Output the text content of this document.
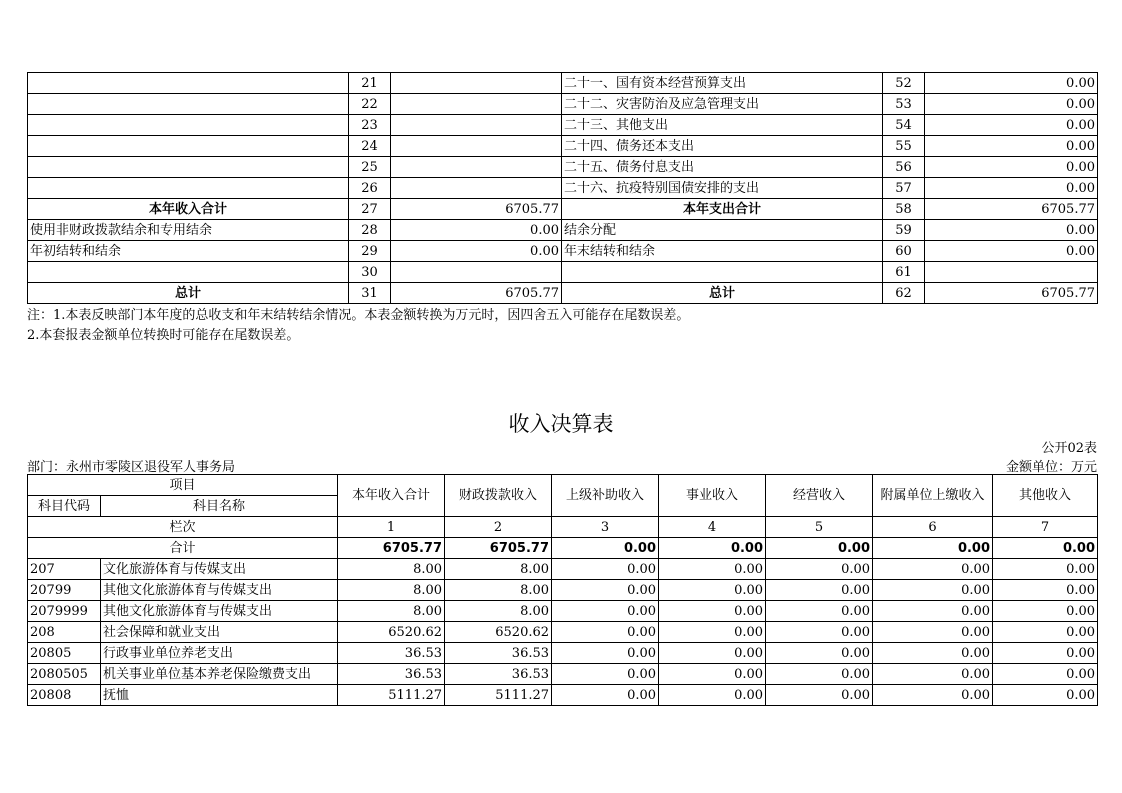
	21		二十一、国有资本经营预算支出	52	0.00
	22		二十二、灾害防治及应急管理支出	53	0.00
	23		二十三、其他支出	54	0.00
	24		二十四、债务还本支出	55	0.00
	25		二十五、债务付息支出	56	0.00
	26		二十六、抗疫特别国债安排的支出	57	0.00
本年收入合计	27	6705.77	本年支出合计	58	6705.77
使用非财政拨款结余和专用结余	28	0.00	结余分配	59	0.00
年初结转和结余	29	0.00	年末结转和结余	60	0.00
	30			61	
总计	31	6705.77	总计	62	6705.77
注：1.本表反映部门本年度的总收支和年末结转结余情况。本表金额转换为万元时，因四舍五入可能存在尾数误差。
2.本套报表金额单位转换时可能存在尾数误差。
收入决算表
公开02表
部门：永州市零陵区退役军人事务局	金额单位：万元
项目		本年收入合计	财政拨款收入	上级补助收入	事业收入	经营收入	附属单位上缴收入	其他收入
科目代码	科目名称							
栏次		1	2	3	4	5	6	7
合计		6705.77	6705.77	0.00	0.00	0.00	0.00	0.00
207	文化旅游体育与传媒支出	8.00	8.00	0.00	0.00	0.00	0.00	0.00
20799	其他文化旅游体育与传媒支出	8.00	8.00	0.00	0.00	0.00	0.00	0.00
2079999	其他文化旅游体育与传媒支出	8.00	8.00	0.00	0.00	0.00	0.00	0.00
208	社会保障和就业支出	6520.62	6520.62	0.00	0.00	0.00	0.00	0.00
20805	行政事业单位养老支出	36.53	36.53	0.00	0.00	0.00	0.00	0.00
2080505	机关事业单位基本养老保险缴费支出	36.53	36.53	0.00	0.00	0.00	0.00	0.00
20808	抚恤	5111.27	5111.27	0.00	0.00	0.00	0.00	0.00
